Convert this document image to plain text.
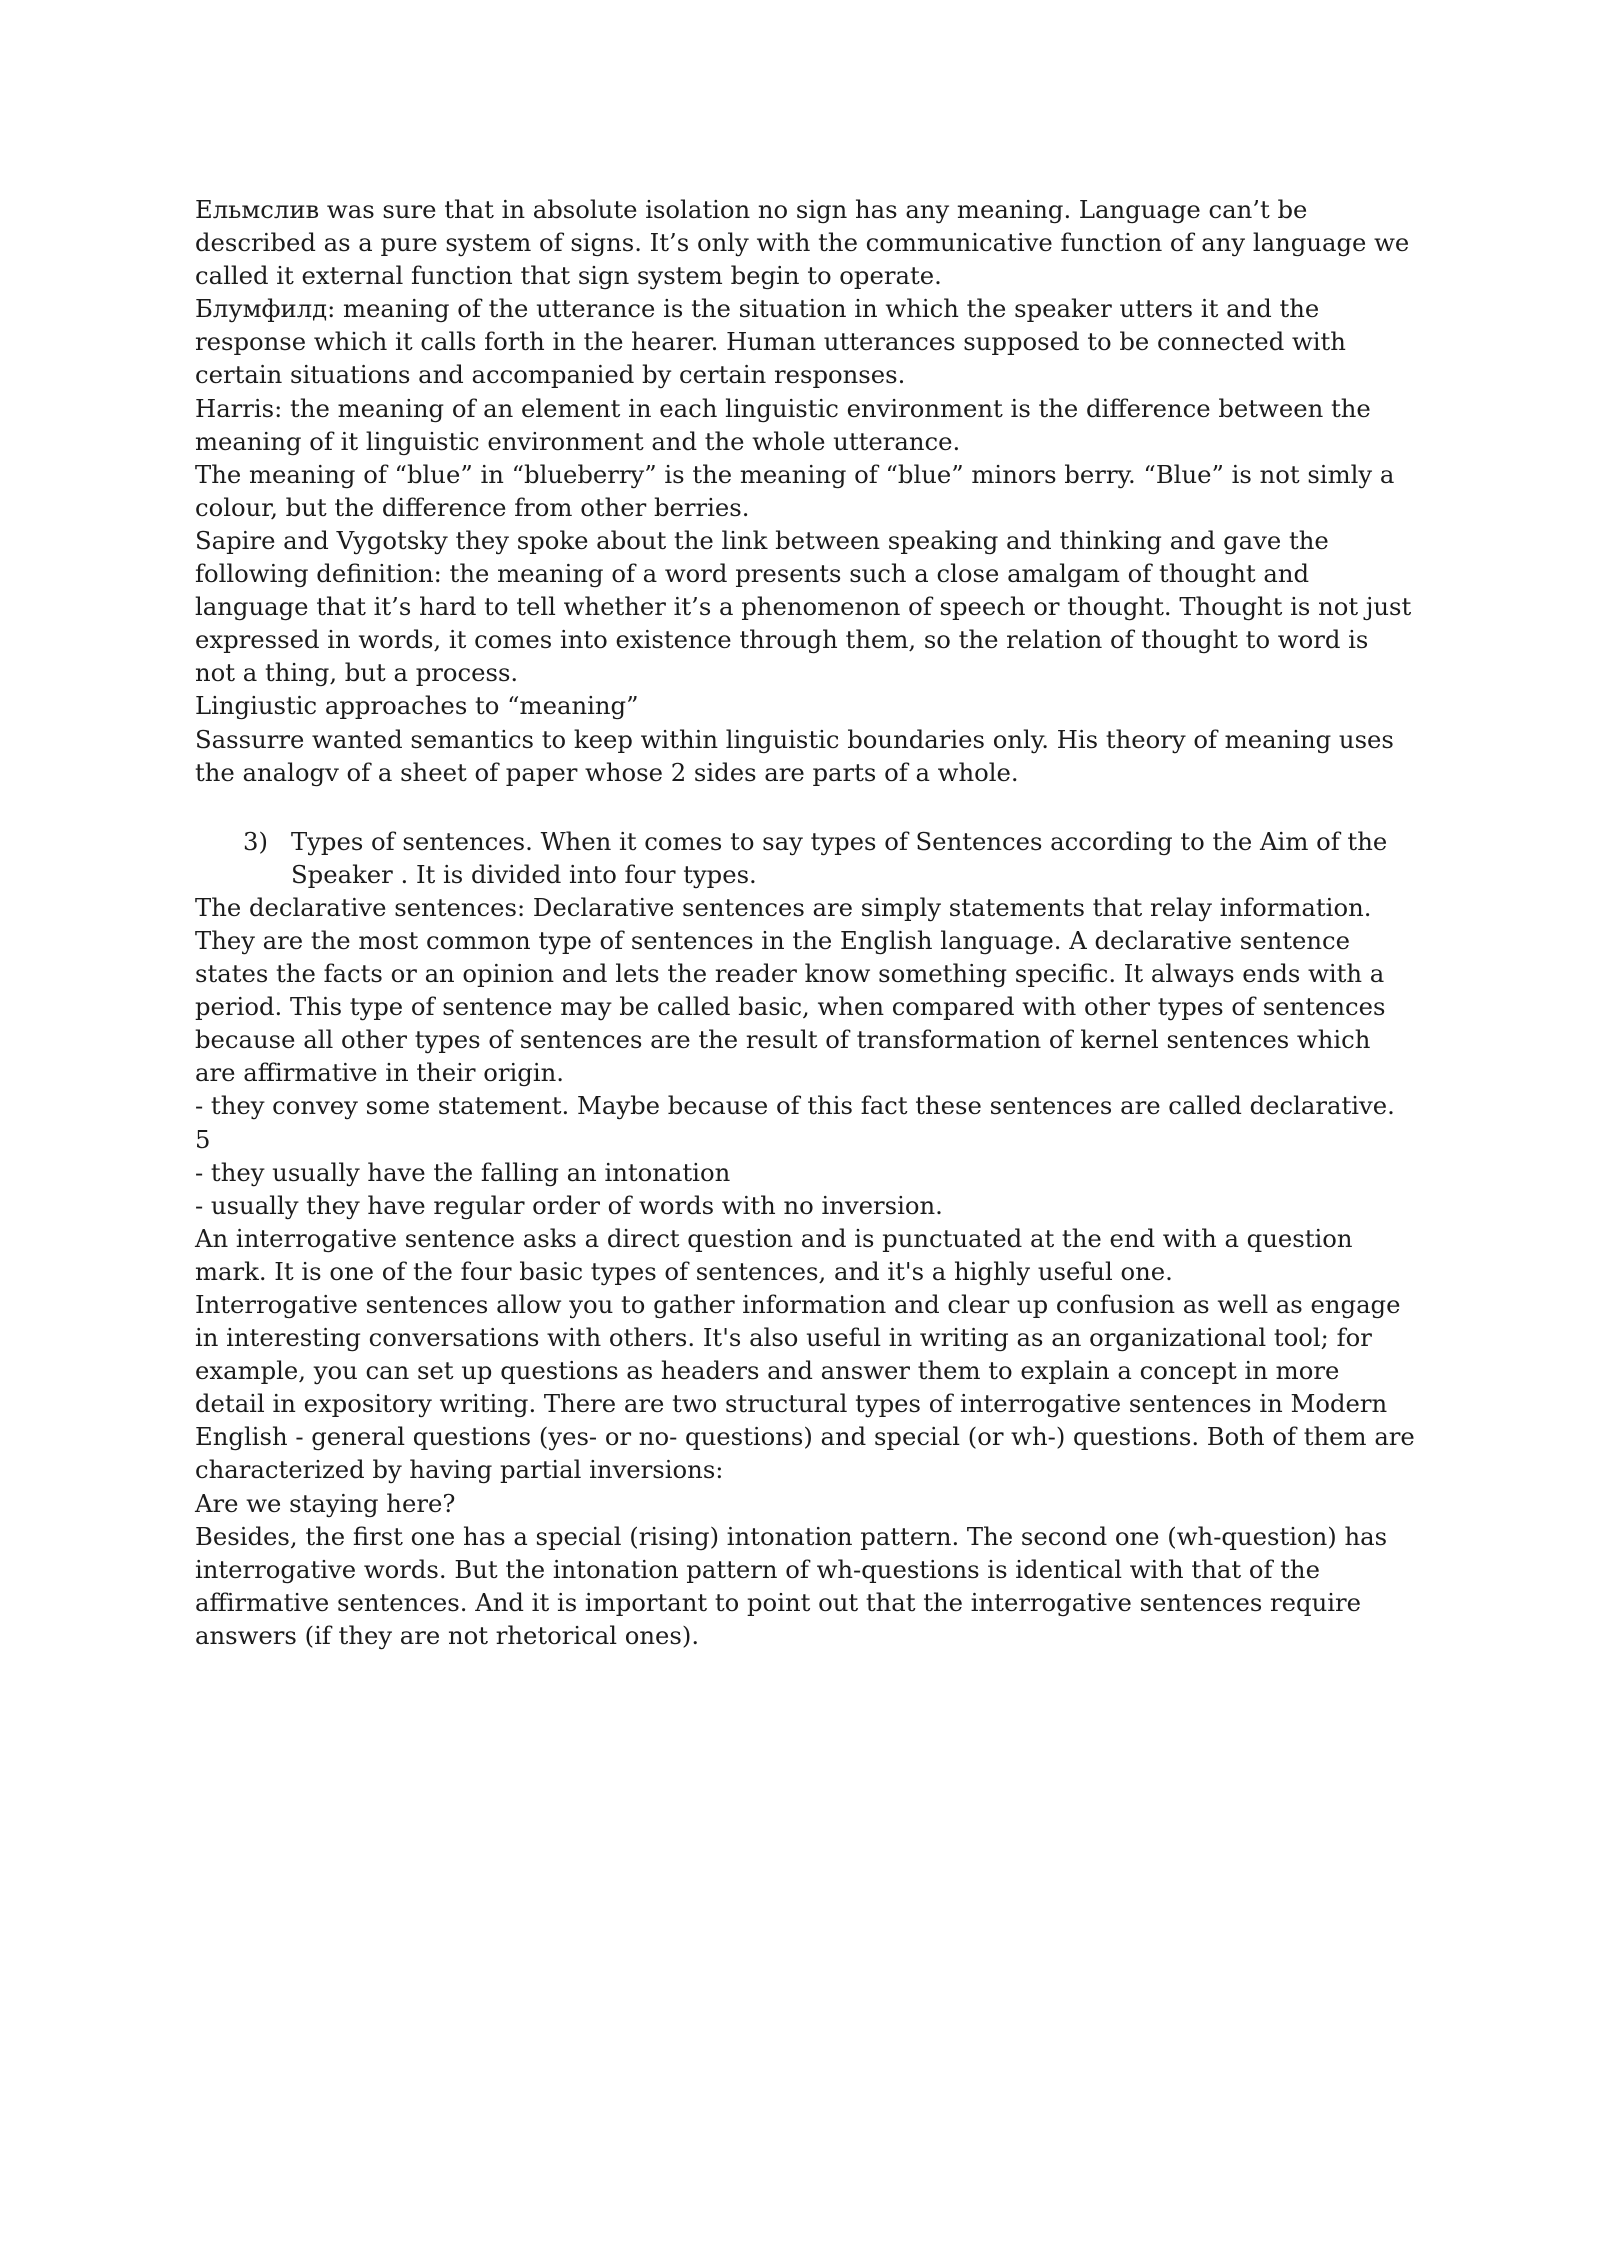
Ельмслив was sure that in absolute isolation no sign has any meaning. Language can’t be described as a pure system of signs. It’s only with the communicative function of any language we called it external function that sign system begin to operate.

Блумфилд: meaning of the utterance is the situation in which the speaker utters it and the response which it calls forth in the hearer. Human utterances supposed to be connected with certain situations and accompanied by certain responses.

Harris: the meaning of an element in each linguistic environment is the difference between the meaning of it linguistic environment and the whole utterance.

The meaning of “blue” in “blueberry” is the meaning of “blue” minors berry. “Blue” is not simly a colour, but the difference from other berries.

Sapire and Vygotsky they spoke about the link between speaking and thinking and gave the following definition: the meaning of a word presents such a close amalgam of thought and language that it’s hard to tell whether it’s a phenomenon of speech or thought. Thought is not just expressed in words, it comes into existence through them, so the relation of thought to word is not a thing, but a process.

Lingiustic approaches to “meaning”

Sassurre wanted semantics to keep within linguistic boundaries only. His theory of meaning uses the analogv of a sheet of paper whose 2 sides are parts of a whole.

3) Types of sentences. When it comes to say types of Sentences according to the Aim of the Speaker . It is divided into four types.

The declarative sentences: Declarative sentences are simply statements that relay information. They are the most common type of sentences in the English language. A declarative sentence states the facts or an opinion and lets the reader know something specific. It always ends with a period. This type of sentence may be called basic, when compared with other types of sentences because all other types of sentences are the result of transformation of kernel sentences which are affirmative in their origin.

- they convey some statement. Maybe because of this fact these sentences are called declarative. 5

- they usually have the falling an intonation

- usually they have regular order of words with no inversion.

An interrogative sentence asks a direct question and is punctuated at the end with a question mark. It is one of the four basic types of sentences, and it's a highly useful one.

Interrogative sentences allow you to gather information and clear up confusion as well as engage in interesting conversations with others. It's also useful in writing as an organizational tool; for example, you can set up questions as headers and answer them to explain a concept in more detail in expository writing. There are two structural types of interrogative sentences in Modern English - general questions (yes- or no- questions) and special (or wh-) questions. Both of them are characterized by having partial inversions:

Are we staying here?

Besides, the first one has a special (rising) intonation pattern. The second one (wh-question) has interrogative words. But the intonation pattern of wh-questions is identical with that of the affirmative sentences. And it is important to point out that the interrogative sentences require answers (if they are not rhetorical ones).
